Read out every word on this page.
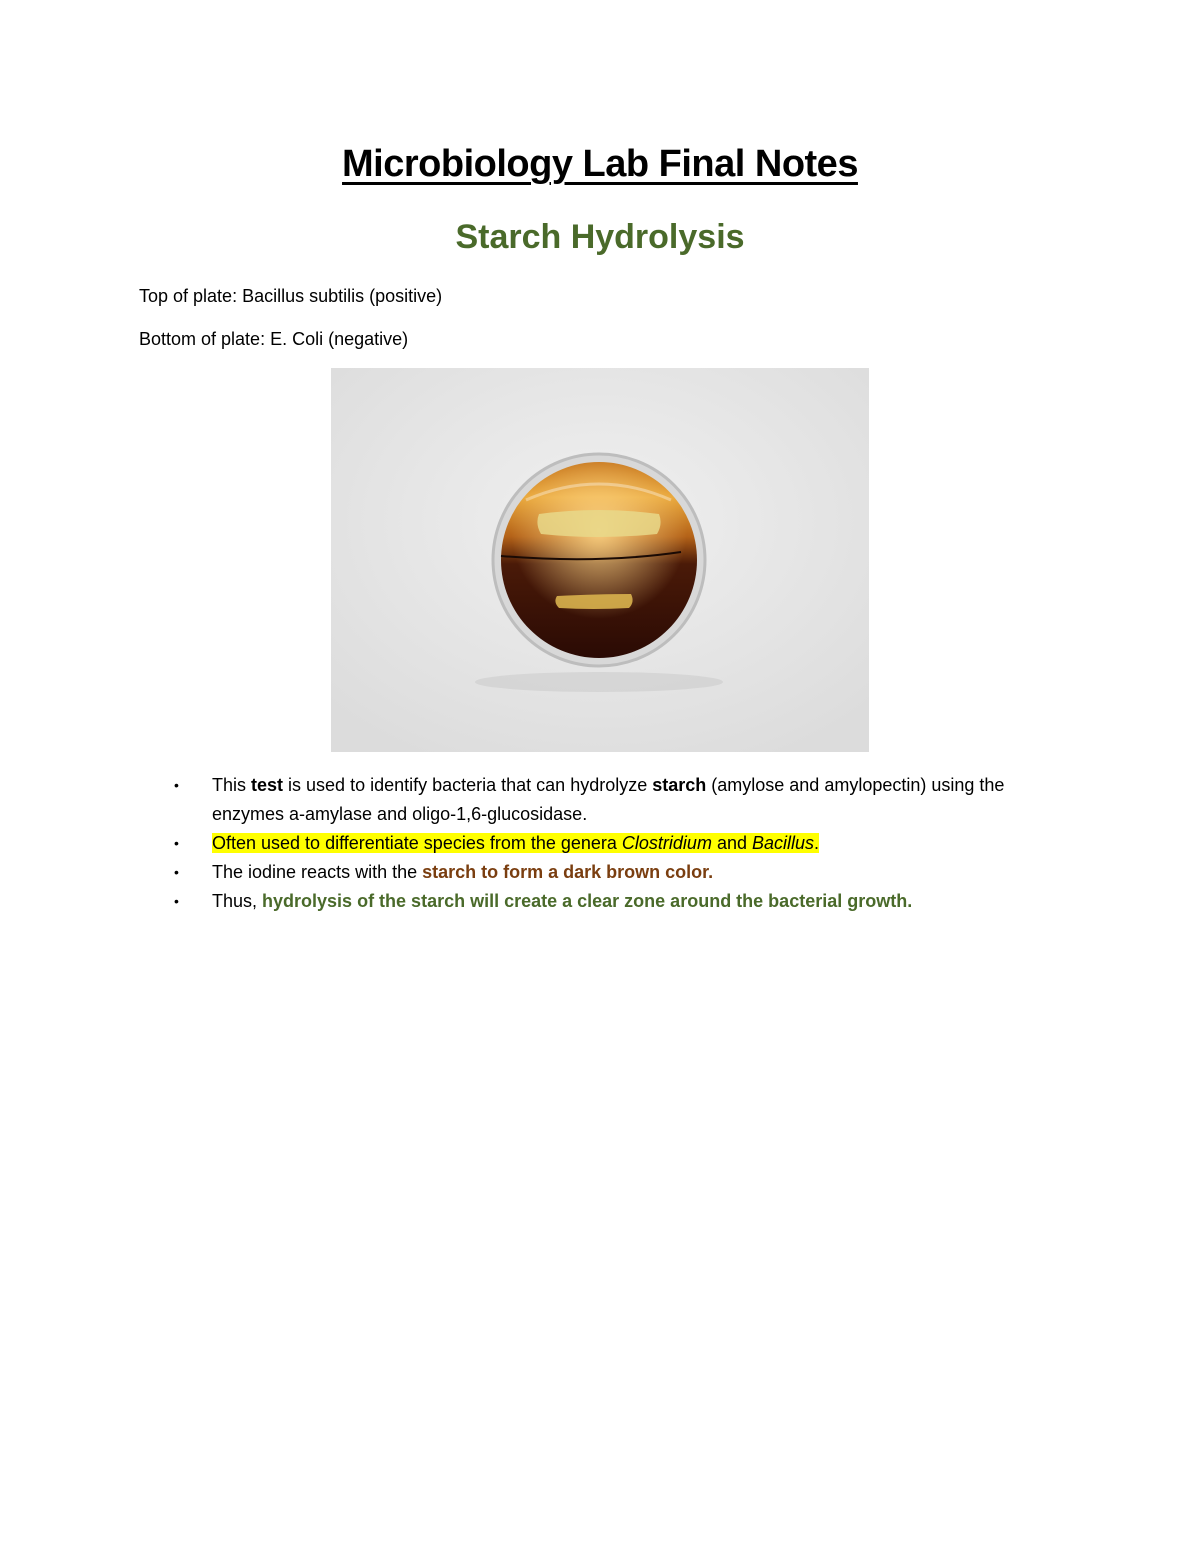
Microbiology Lab Final Notes
Starch Hydrolysis
Top of plate: Bacillus subtilis (positive)
Bottom of plate: E. Coli (negative)
• This test is used to identify bacteria that can hydrolyze starch (amylose and amylopectin) using the enzymes a-amylase and oligo-1,6-glucosidase.
• Often used to differentiate species from the genera Clostridium and Bacillus.
• The iodine reacts with the starch to form a dark brown color.
• Thus, hydrolysis of the starch will create a clear zone around the bacterial growth.
